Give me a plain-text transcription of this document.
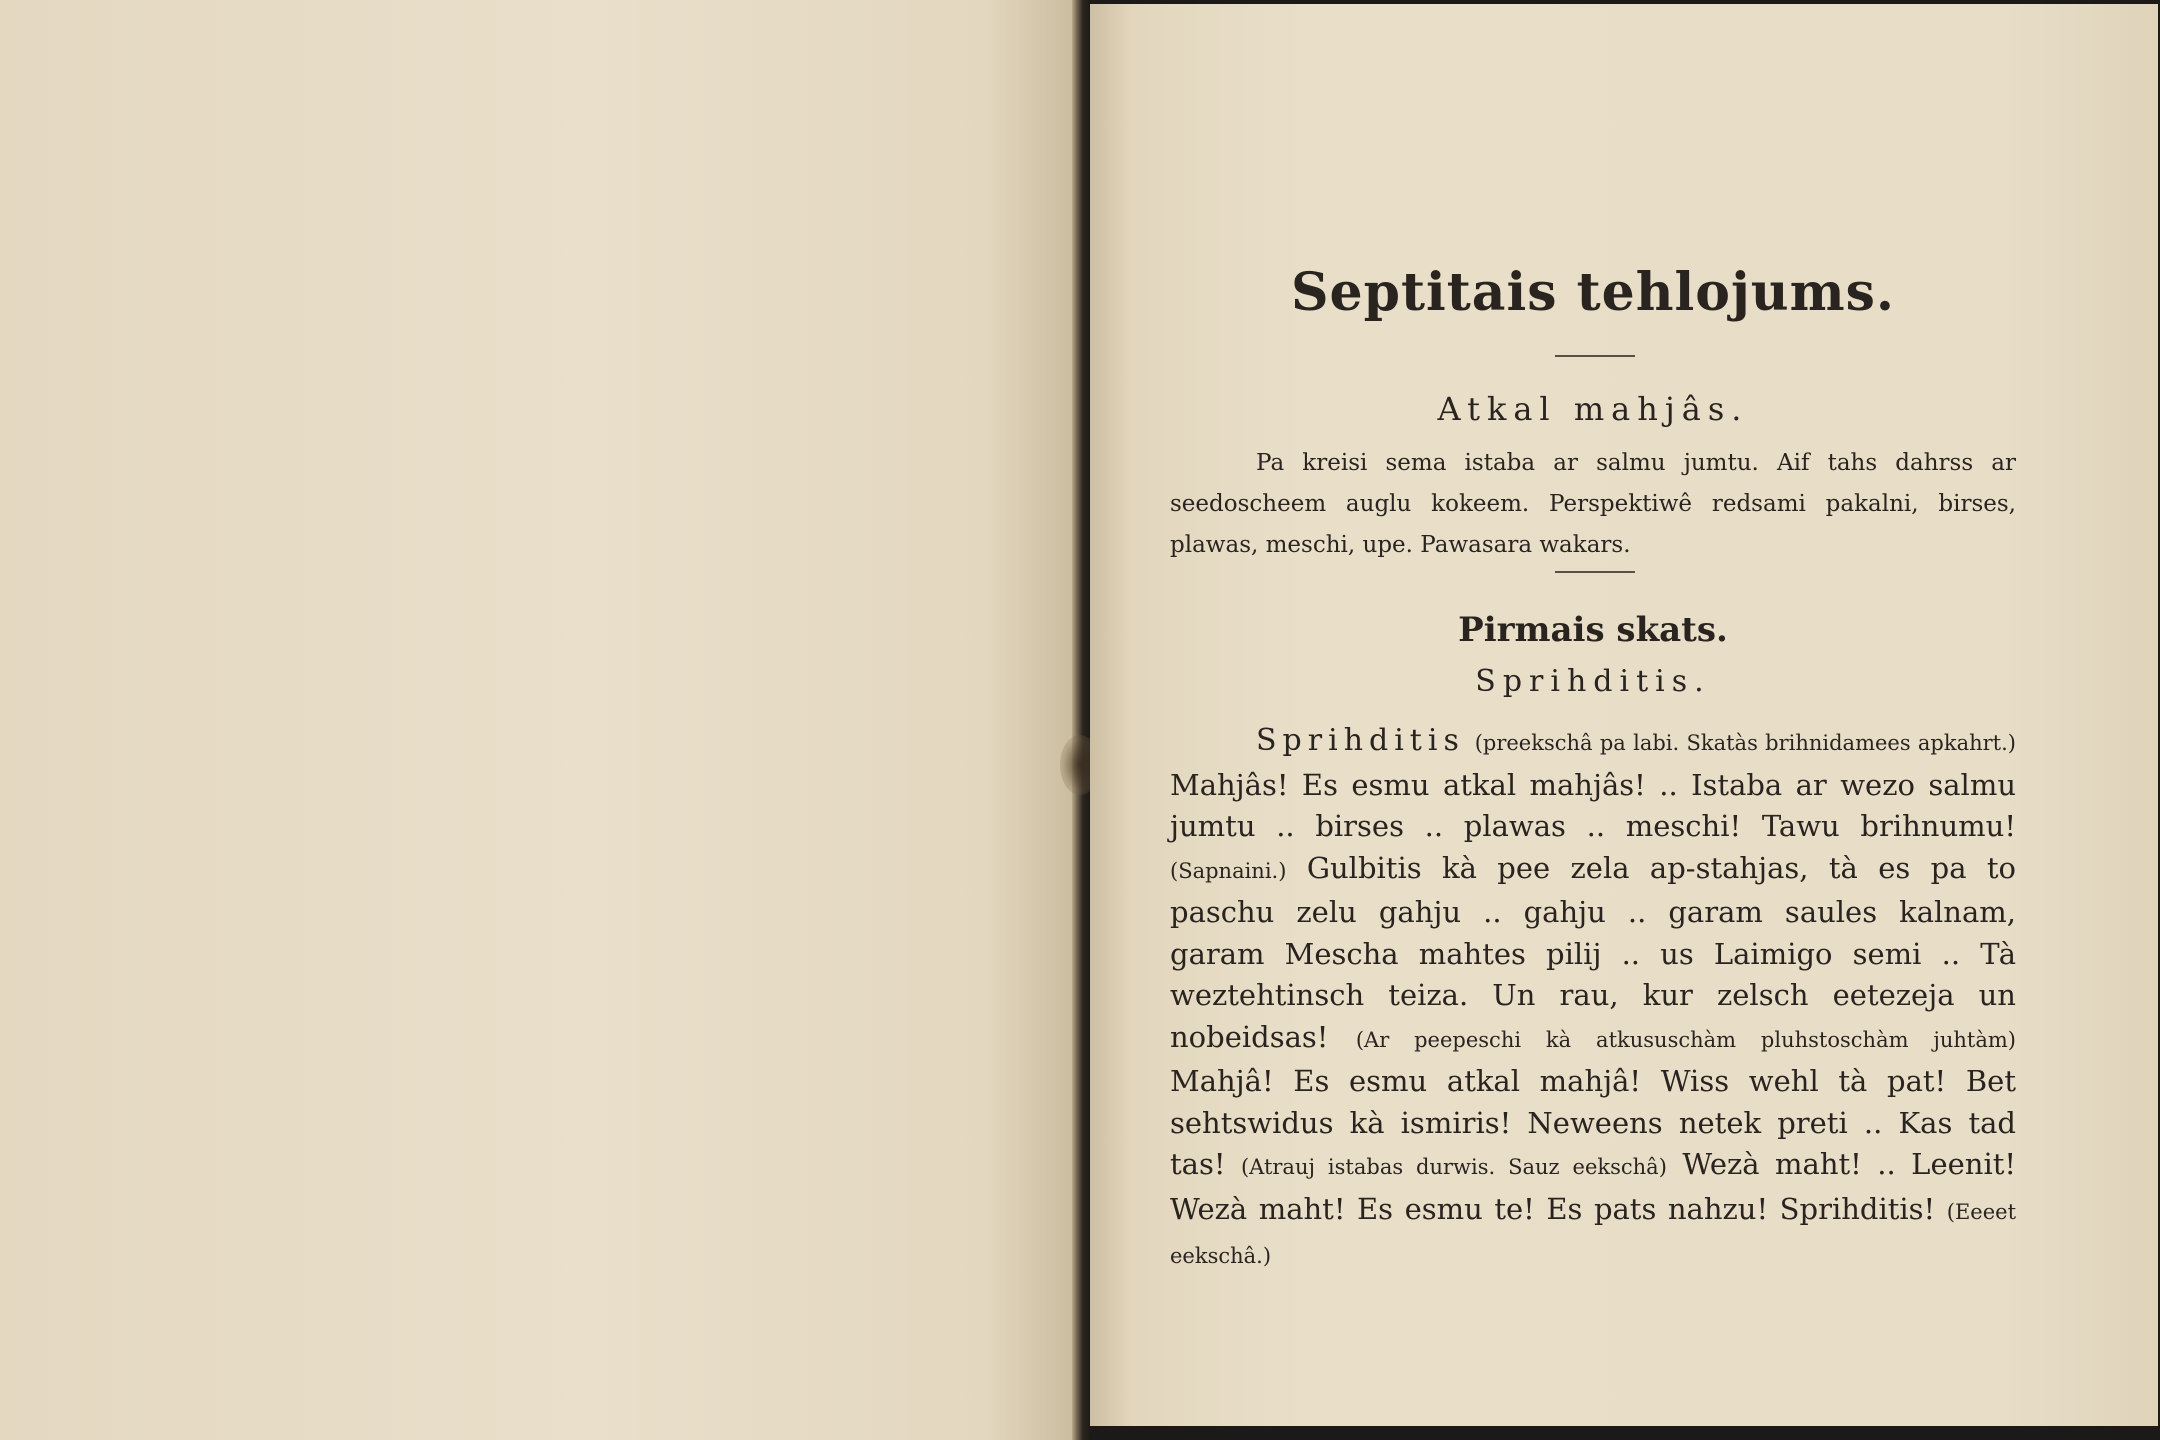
Septitais tehlojums.
Atkal mahjâs.
Pa kreisi sema istaba ar salmu jumtu. Aif tahs dahrss ar seedoscheem auglu kokeem. Perspektiwê redsami pakalni, birses, plawas, meschi, upe. Pawasara wakars.
Pirmais skats.
Sprihditis.
Sprihditis (preekschâ pa labi. Skatàs brihnidamees apkahrt.) Mahjâs! Es esmu atkal mahjâs! .. Istaba ar wezo salmu jumtu .. birses .. plawas .. meschi! Tawu brihnumu! (Sapnaini.) Gulbitis kà pee zela ap-stahjas, tà es pa to paschu zelu gahju .. gahju .. garam saules kalnam, garam Mescha mahtes pilij .. us Laimigo semi .. Tà weztehtinsch teiza. Un rau, kur zelsch eetezeja un nobeidsas! (Ar peepeschi kà atkususchàm pluhstoschàm juhtàm) Mahjâ! Es esmu atkal mahjâ! Wiss wehl tà pat! Bet sehtswidus kà ismiris! Neweens netek preti .. Kas tad tas! (Atrauj istabas durwis. Sauz eekschâ) Wezà maht! .. Leenit! Wezà maht! Es esmu te! Es pats nahzu! Sprihditis! (Eeeet eekschâ.)
